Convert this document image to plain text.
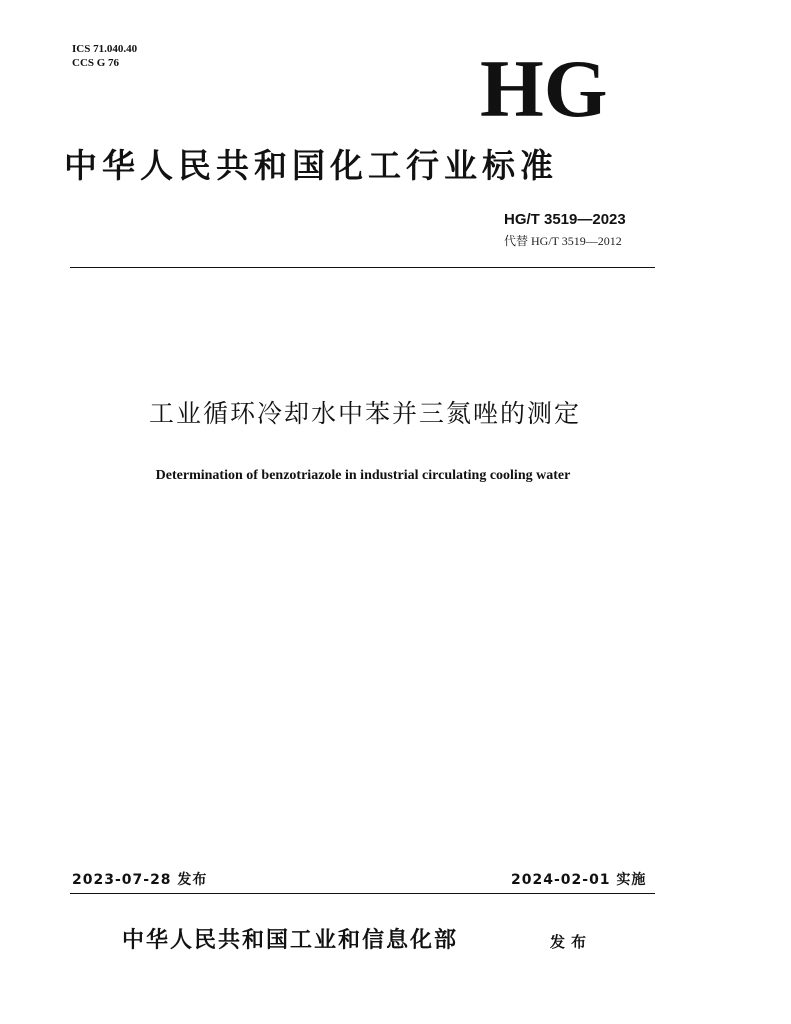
ICS 71.040.40
CCS G 76	HG
中华人民共和国化工行业标准
HG/T 3519—2023
代替 HG/T 3519—2012
工业循环冷却水中苯并三氮唑的测定
Determination of benzotriazole in industrial circulating cooling water
2023-07-28 发布	2024-02-01 实施
中华人民共和国工业和信息化部	发布
